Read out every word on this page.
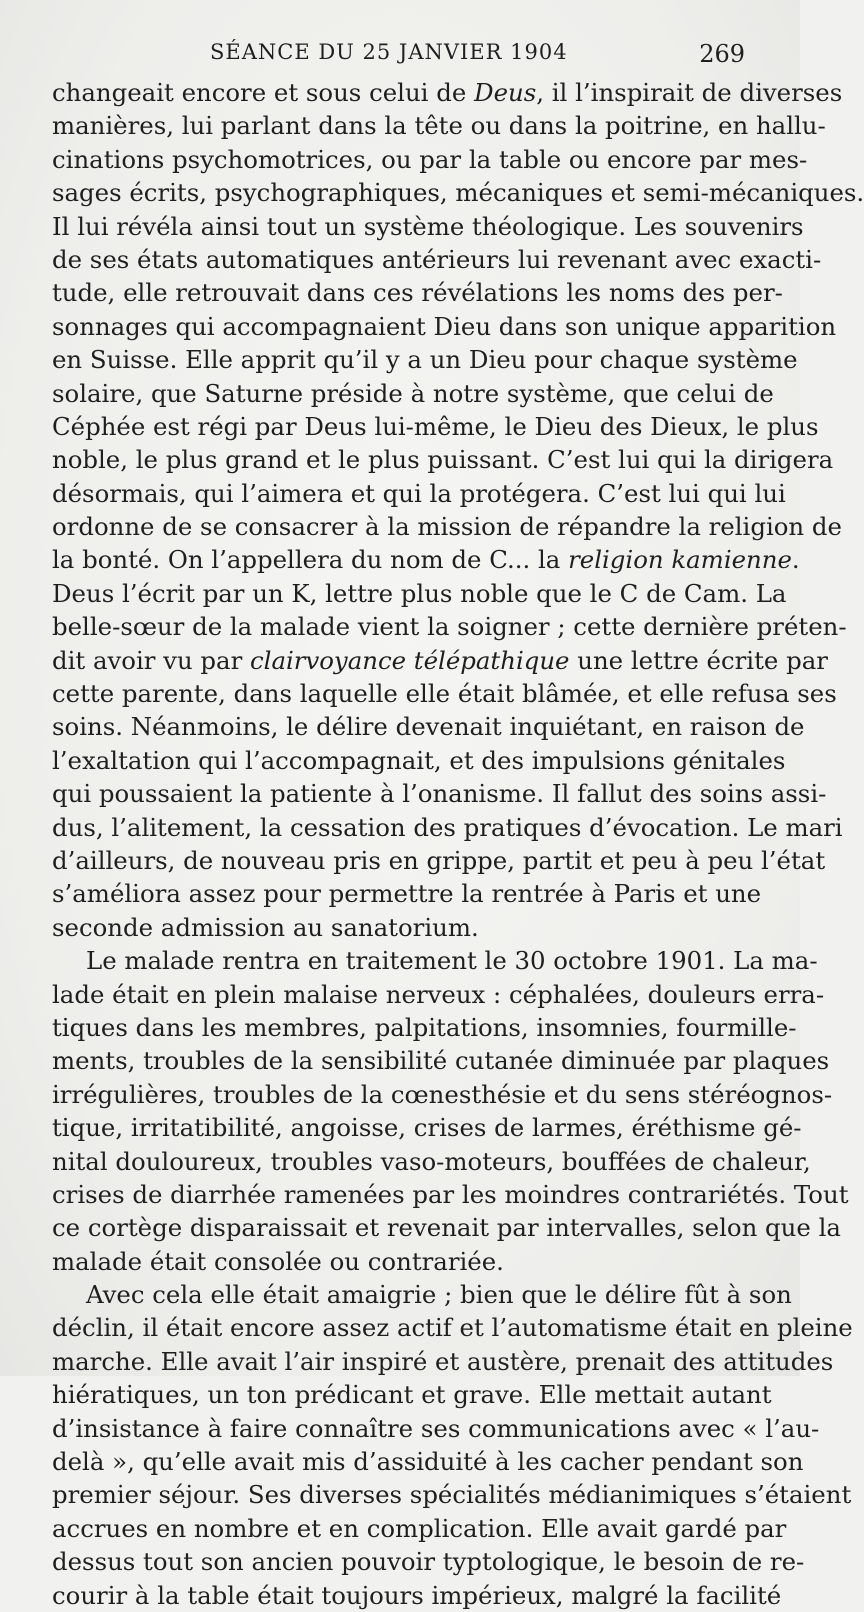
SÉANCE DU 25 JANVIER 1904	269
changeait encore et sous celui de Deus, il l’inspirait de diverses
manières, lui parlant dans la tête ou dans la poitrine, en hallu-
cinations psychomotrices, ou par la table ou encore par mes-
sages écrits, psychographiques, mécaniques et semi-mécaniques.
Il lui révéla ainsi tout un système théologique. Les souvenirs
de ses états automatiques antérieurs lui revenant avec exacti-
tude, elle retrouvait dans ces révélations les noms des per-
sonnages qui accompagnaient Dieu dans son unique apparition
en Suisse. Elle apprit qu’il y a un Dieu pour chaque système
solaire, que Saturne préside à notre système, que celui de
Céphée est régi par Deus lui-même, le Dieu des Dieux, le plus
noble, le plus grand et le plus puissant. C’est lui qui la dirigera
désormais, qui l’aimera et qui la protégera. C’est lui qui lui
ordonne de se consacrer à la mission de répandre la religion de
la bonté. On l’appellera du nom de C... la religion kamienne.
Deus l’écrit par un K, lettre plus noble que le C de Cam. La
belle-sœur de la malade vient la soigner ; cette dernière préten-
dit avoir vu par clairvoyance télépathique une lettre écrite par
cette parente, dans laquelle elle était blâmée, et elle refusa ses
soins. Néanmoins, le délire devenait inquiétant, en raison de
l’exaltation qui l’accompagnait, et des impulsions génitales
qui poussaient la patiente à l’onanisme. Il fallut des soins assi-
dus, l’alitement, la cessation des pratiques d’évocation. Le mari
d’ailleurs, de nouveau pris en grippe, partit et peu à peu l’état
s’améliora assez pour permettre la rentrée à Paris et une
seconde admission au sanatorium.
Le malade rentra en traitement le 30 octobre 1901. La ma-
lade était en plein malaise nerveux : céphalées, douleurs erra-
tiques dans les membres, palpitations, insomnies, fourmille-
ments, troubles de la sensibilité cutanée diminuée par plaques
irrégulières, troubles de la cœnesthésie et du sens stéréognos-
tique, irritatibilité, angoisse, crises de larmes, éréthisme gé-
nital douloureux, troubles vaso-moteurs, bouffées de chaleur,
crises de diarrhée ramenées par les moindres contrariétés. Tout
ce cortège disparaissait et revenait par intervalles, selon que la
malade était consolée ou contrariée.
Avec cela elle était amaigrie ; bien que le délire fût à son
déclin, il était encore assez actif et l’automatisme était en pleine
marche. Elle avait l’air inspiré et austère, prenait des attitudes
hiératiques, un ton prédicant et grave. Elle mettait autant
d’insistance à faire connaître ses communications avec « l’au-
delà », qu’elle avait mis d’assiduité à les cacher pendant son
premier séjour. Ses diverses spécialités médianimiques s’étaient
accrues en nombre et en complication. Elle avait gardé par
dessus tout son ancien pouvoir typtologique, le besoin de re-
courir à la table était toujours impérieux, malgré la facilité
